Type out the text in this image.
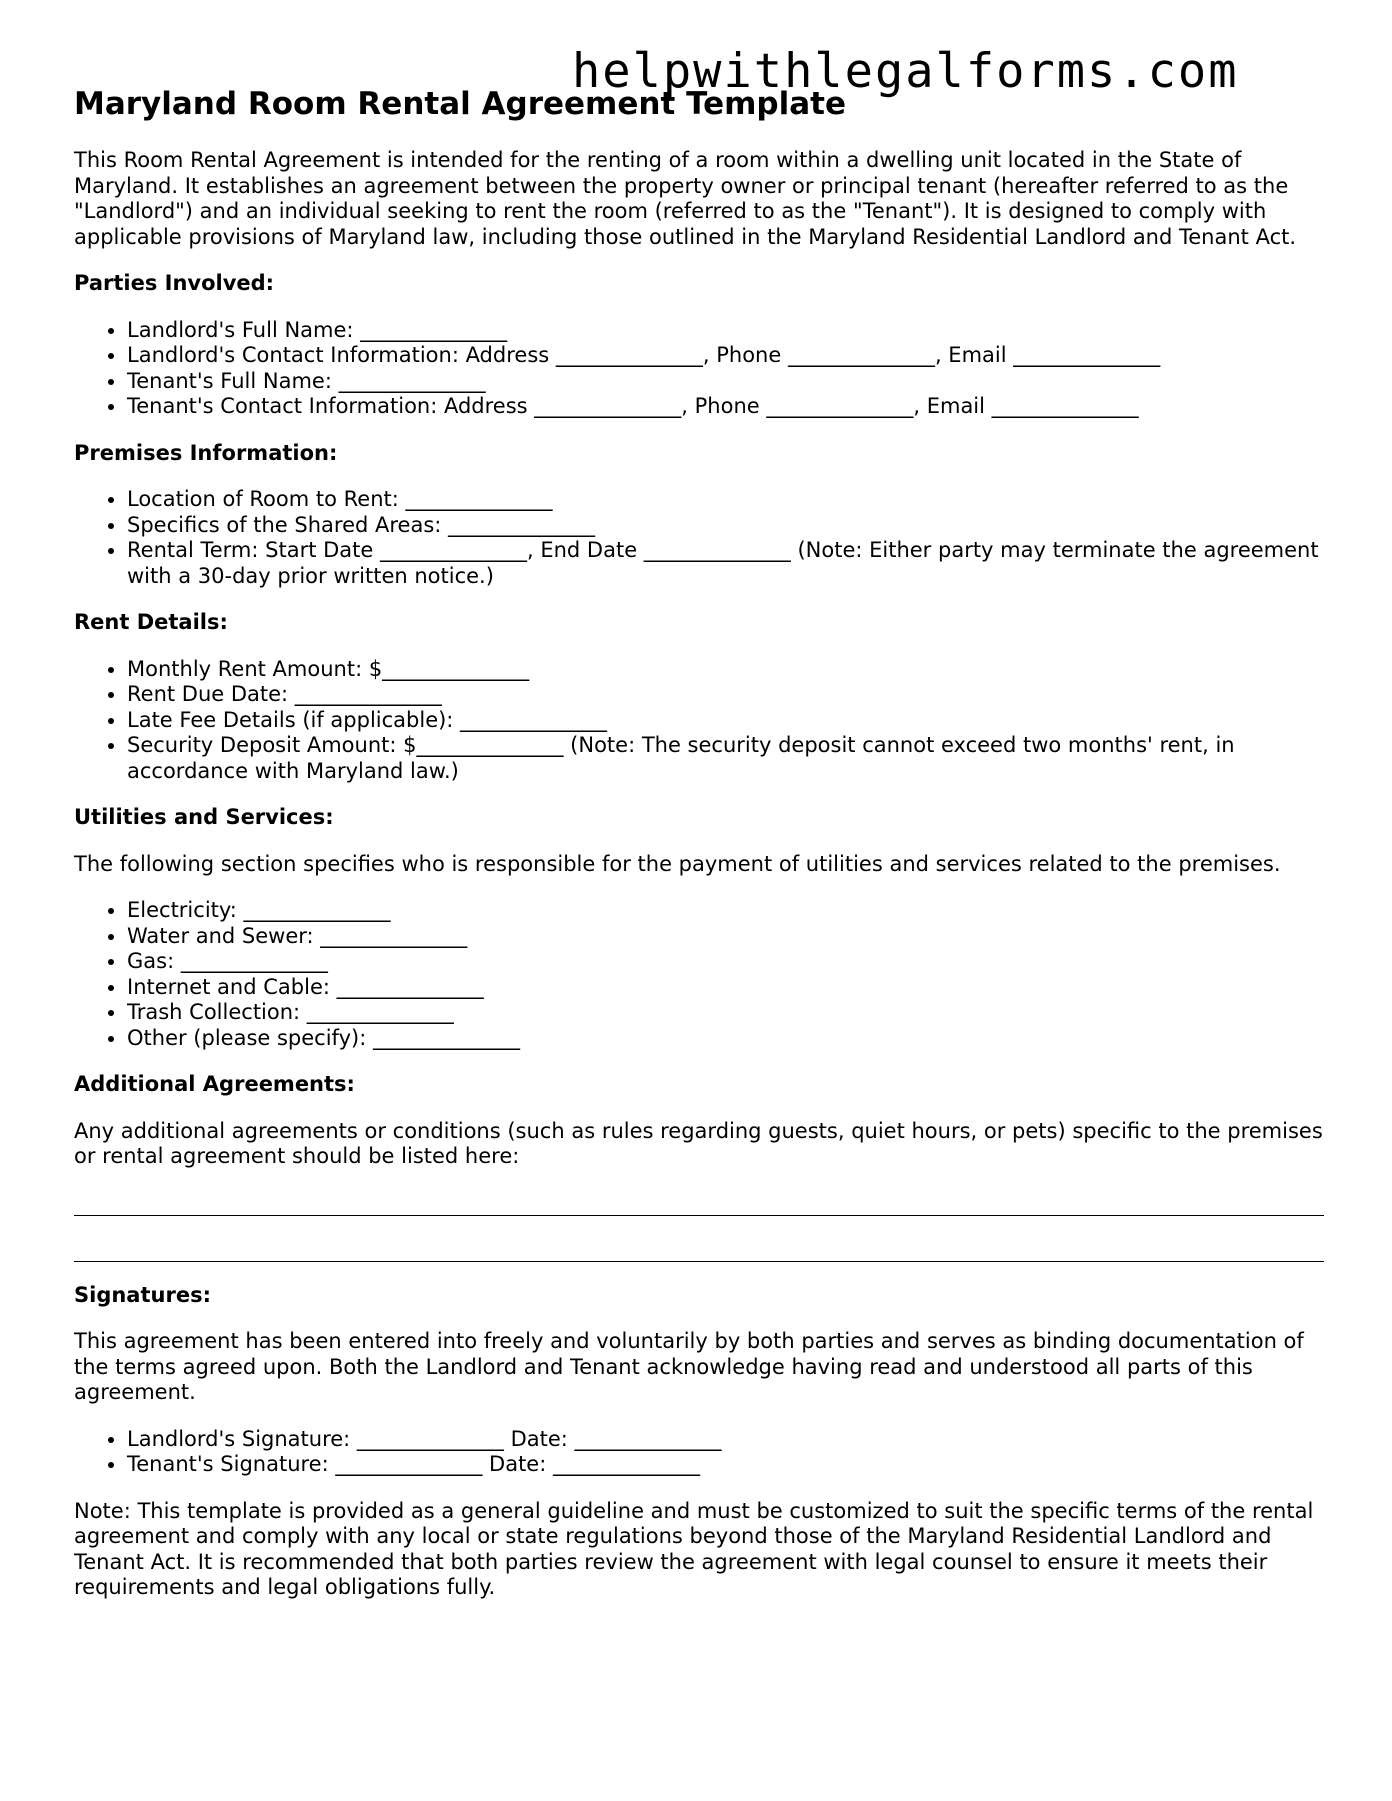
helpwithlegalforms.com
Maryland Room Rental Agreement Template

This Room Rental Agreement is intended for the renting of a room within a dwelling unit located in the State of Maryland. It establishes an agreement between the property owner or principal tenant (hereafter referred to as the "Landlord") and an individual seeking to rent the room (referred to as the "Tenant"). It is designed to comply with applicable provisions of Maryland law, including those outlined in the Maryland Residential Landlord and Tenant Act.

Parties Involved:
• Landlord's Full Name: ______________
• Landlord's Contact Information: Address ______________, Phone ______________, Email ______________
• Tenant's Full Name: ______________
• Tenant's Contact Information: Address ______________, Phone ______________, Email ______________
Premises Information:
• Location of Room to Rent: ______________
• Specifics of the Shared Areas: ______________
• Rental Term: Start Date ______________, End Date ______________ (Note: Either party may terminate the agreement with a 30-day prior written notice.)
Rent Details:
• Monthly Rent Amount: $______________
• Rent Due Date: ______________
• Late Fee Details (if applicable): ______________
• Security Deposit Amount: $______________ (Note: The security deposit cannot exceed two months' rent, in accordance with Maryland law.)
Utilities and Services:

The following section specifies who is responsible for the payment of utilities and services related to the premises.

• Electricity: ______________
• Water and Sewer: ______________
• Gas: ______________
• Internet and Cable: ______________
• Trash Collection: ______________
• Other (please specify): ______________
Additional Agreements:

Any additional agreements or conditions (such as rules regarding guests, quiet hours, or pets) specific to the premises or rental agreement should be listed here:

Signatures:

This agreement has been entered into freely and voluntarily by both parties and serves as binding documentation of the terms agreed upon. Both the Landlord and Tenant acknowledge having read and understood all parts of this agreement.

• Landlord's Signature: ______________ Date: ______________
• Tenant's Signature: ______________ Date: ______________

Note: This template is provided as a general guideline and must be customized to suit the specific terms of the rental agreement and comply with any local or state regulations beyond those of the Maryland Residential Landlord and Tenant Act. It is recommended that both parties review the agreement with legal counsel to ensure it meets their requirements and legal obligations fully.
